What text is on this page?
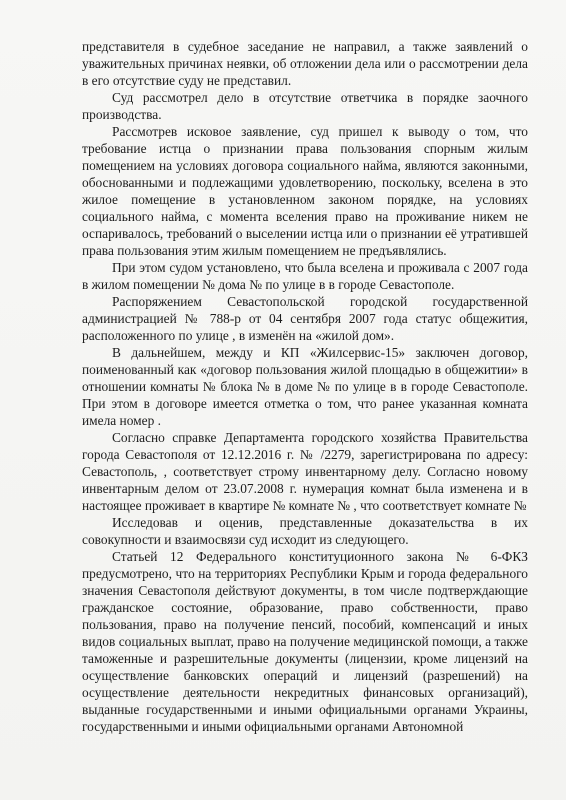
представителя в судебное заседание не направил, а также заявлений о уважительных причинах неявки, об отложении дела или о рассмотрении дела в его отсутствие суду не представил.

Суд рассмотрел дело в отсутствие ответчика в порядке заочного производства.

Рассмотрев исковое заявление, суд пришел к выводу о том, что требование истца о признании права пользования спорным жилым помещением на условиях договора социального найма, являются законными, обоснованными и подлежащими удовлетворению, поскольку, вселена в это жилое помещение в установленном законом порядке, на условиях социального найма, с момента вселения право на проживание никем не оспаривалось, требований о выселении истца или о признании её утратившей права пользования этим жилым помещением не предъявлялись.

При этом судом установлено, что была вселена и проживала с 2007 года в жилом помещении № дома № по улице в в городе Севастополе.

Распоряжением Севастопольской городской государственной администрацией № 788-р от 04 сентября 2007 года статус общежития, расположенного по улице , в изменён на «жилой дом».

В дальнейшем, между и КП «Жилсервис-15» заключен договор, поименованный как «договор пользования жилой площадью в общежитии» в отношении комнаты № блока № в доме № по улице в в городе Севастополе. При этом в договоре имеется отметка о том, что ранее указанная комната имела номер .

Согласно справке Департамента городского хозяйства Правительства города Севастополя от 12.12.2016 г. № /2279, зарегистрирована по адресу: Севастополь, , соответствует строму инвентарному делу. Согласно новому инвентарным делом от 23.07.2008 г. нумерация комнат была изменена и в настоящее проживает в квартире № комнате № , что соответствует комнате №

Исследовав и оценив, представленные доказательства в их совокупности и взаимосвязи суд исходит из следующего.

Статьей 12 Федерального конституционного закона № 6-ФКЗ предусмотрено, что на территориях Республики Крым и города федерального значения Севастополя действуют документы, в том числе подтверждающие гражданское состояние, образование, право собственности, право пользования, право на получение пенсий, пособий, компенсаций и иных видов социальных выплат, право на получение медицинской помощи, а также таможенные и разрешительные документы (лицензии, кроме лицензий на осуществление банковских операций и лицензий (разрешений) на осуществление деятельности некредитных финансовых организаций), выданные государственными и иными официальными органами Украины, государственными и иными официальными органами Автономной
